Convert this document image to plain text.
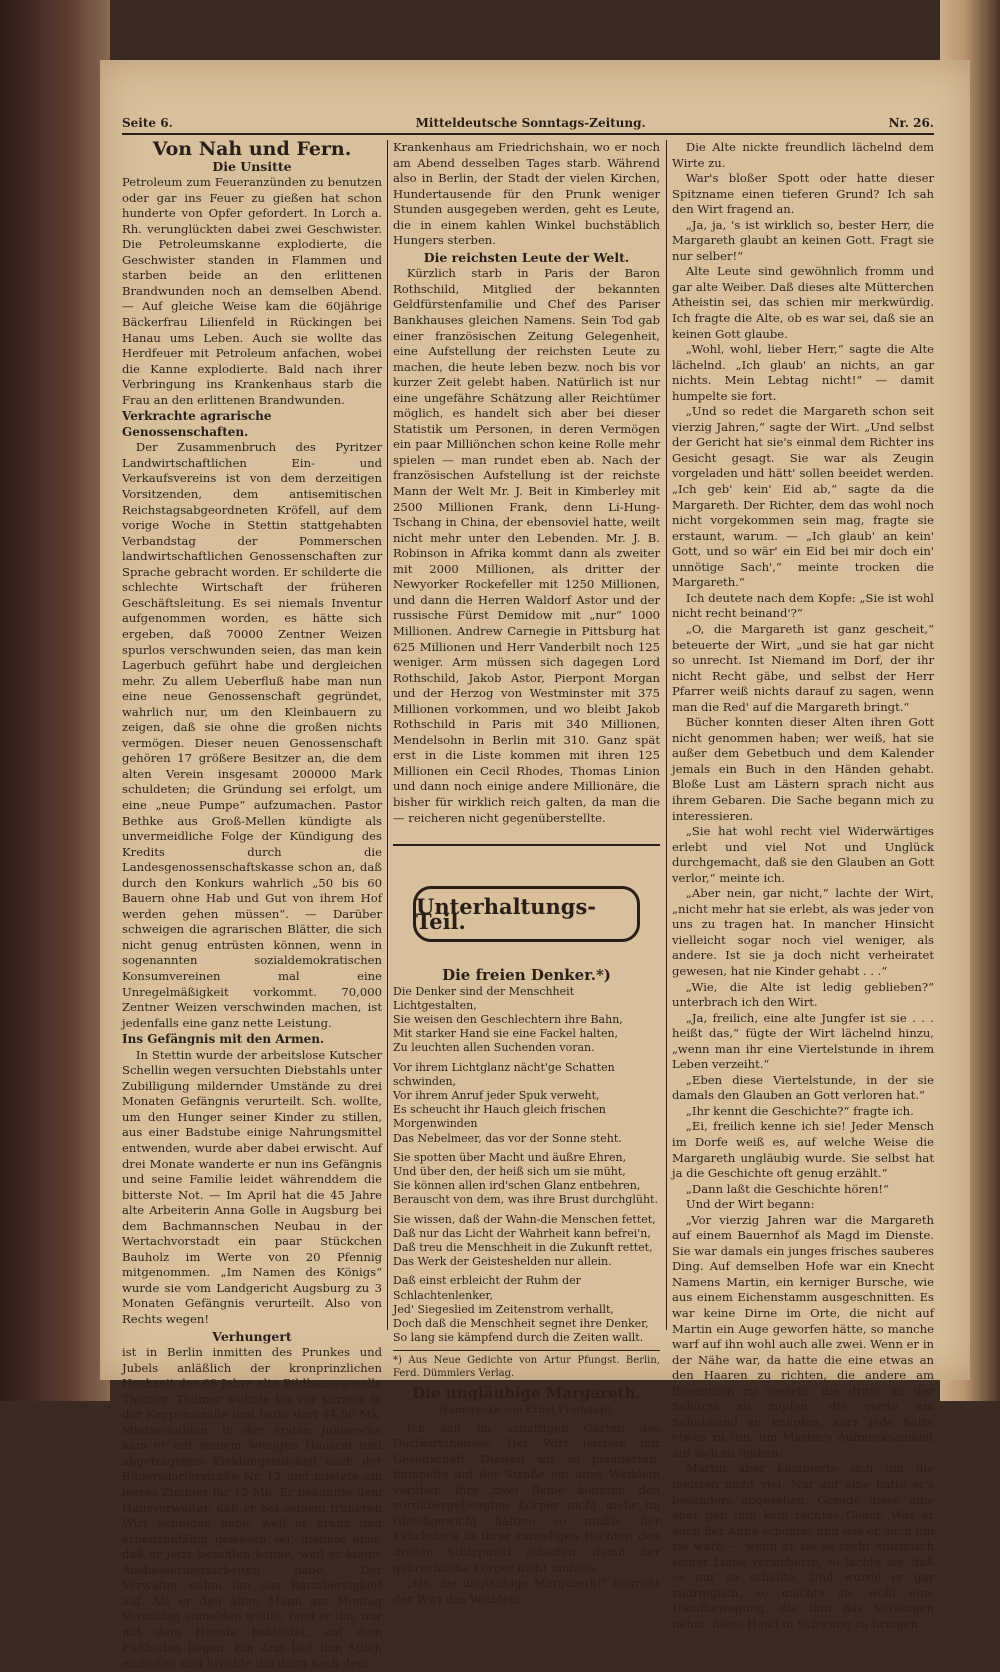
Seite 6.	Mitteldeutsche Sonntags-Zeitung.	Nr. 26.
Von Nah und Fern.
Die Unsitte

Petroleum zum Feueranzünden zu benutzen oder gar ins Feuer zu gießen hat schon hunderte von Opfer gefordert. In Lorch a. Rh. verunglückten dabei zwei Geschwister. Die Petroleumskanne explodierte, die Geschwister standen in Flammen und starben beide an den erlittenen Brandwunden noch an demselben Abend. — Auf gleiche Weise kam die 60jährige Bäckerfrau Lilienfeld in Rückingen bei Hanau ums Leben. Auch sie wollte das Herdfeuer mit Petroleum anfachen, wobei die Kanne explodierte. Bald nach ihrer Verbringung ins Krankenhaus starb die Frau an den erlittenen Brandwunden.

Verkrachte agrarische Genossenschaften.

Der Zusammenbruch des Pyritzer Landwirtschaftlichen Ein- und Verkaufsvereins ist von dem derzeitigen Vorsitzenden, dem antisemitischen Reichstagsabgeordneten Kröfell, auf dem vorige Woche in Stettin stattgehabten Verbandstag der Pommerschen landwirtschaftlichen Genossenschaften zur Sprache gebracht worden. Er schilderte die schlechte Wirtschaft der früheren Geschäftsleitung. Es sei niemals Inventur aufgenommen worden, es hätte sich ergeben, daß 70000 Zentner Weizen spurlos verschwunden seien, das man kein Lagerbuch geführt habe und dergleichen mehr. Zu allem Ueberfluß habe man nun eine neue Genossenschaft gegründet, wahrlich nur, um den Kleinbauern zu zeigen, daß sie ohne die großen nichts vermögen. Dieser neuen Genossenschaft gehören 17 größere Besitzer an, die dem alten Verein insgesamt 200000 Mark schuldeten; die Gründung sei erfolgt, um eine „neue Pumpe“ aufzumachen. Pastor Bethke aus Groß-Mellen kündigte als unvermeidliche Folge der Kündigung des Kredits durch die Landesgenossenschaftskasse schon an, daß durch den Konkurs wahrlich „50 bis 60 Bauern ohne Hab und Gut von ihrem Hof werden gehen müssen“. — Darüber schweigen die agrarischen Blätter, die sich nicht genug entrüsten können, wenn in sogenannten sozialdemokratischen Konsumvereinen mal eine Unregelmäßigkeit vorkommt. 70,000 Zentner Weizen verschwinden machen, ist jedenfalls eine ganz nette Leistung.

Ins Gefängnis mit den Armen.

In Stettin wurde der arbeitslose Kutscher Schellin wegen versuchten Diebstahls unter Zubilligung mildernder Umstände zu drei Monaten Gefängnis verurteilt. Sch. wollte, um den Hunger seiner Kinder zu stillen, aus einer Badstube einige Nahrungsmittel entwenden, wurde aber dabei erwischt. Auf drei Monate wanderte er nun ins Gefängnis und seine Familie leidet währenddem die bitterste Not. — Im April hat die 45 Jahre alte Arbeiterin Anna Golle in Augsburg bei dem Bachmannschen Neubau in der Wertachvorstadt ein paar Stückchen Bauholz im Werte von 20 Pfennig mitgenommen. „Im Namen des Königs“ wurde sie vom Landgericht Augsburg zu 3 Monaten Gefängnis verurteilt. Also von Rechts wegen!

Verhungert

ist in Berlin inmitten des Prunkes und Jubels anläßlich der kronprinzlichen Hochzeit der 68 Jahre alte Bildhauergeselle Thumer. Thumer wohnte bis vor kurzem in der Koppenstraße und hatte dort 44,50 Mk. Mietsschulden. In der ersten Juniwoche kam er mit seinem wenigen Hausrat und abgetragenen Kleidungsstücken nach der Rüdersdorferstraße Nr. 12 und mietete ein leeres Zimmer für 15 Mk. Er bekannte dem Hausverwalter, daß er bei seinem früheren Wirt Schulden habe, weil er krank und arbeitsunfähig gewesen sei, glaubte aber, daß er jetzt bezahlen könne, weil er kleine Ausbesserungsarbeiten habe. Der Verwalter nahm ihn aus Barmherzigkeit auf. Als er den alten Mann am Montag Vormittag anmelden wollte, fand er ihn, nur mit dem Hemde bekleidet, auf dem Fußboden liegen. Ein Arzt ließ ihm Milch einflößen und brachte ihn dann nach dem

Krankenhaus am Friedrichshain, wo er noch am Abend desselben Tages starb. Während also in Berlin, der Stadt der vielen Kirchen, Hundertausende für den Prunk weniger Stunden ausgegeben werden, geht es Leute, die in einem kahlen Winkel buchstäblich Hungers sterben.

Die reichsten Leute der Welt.

Kürzlich starb in Paris der Baron Rothschild, Mitglied der bekannten Geldfürstenfamilie und Chef des Pariser Bankhauses gleichen Namens. Sein Tod gab einer französischen Zeitung Gelegenheit, eine Aufstellung der reichsten Leute zu machen, die heute leben bezw. noch bis vor kurzer Zeit gelebt haben. Natürlich ist nur eine ungefähre Schätzung aller Reichtümer möglich, es handelt sich aber bei dieser Statistik um Personen, in deren Vermögen ein paar Milliönchen schon keine Rolle mehr spielen — man rundet eben ab. Nach der französischen Aufstellung ist der reichste Mann der Welt Mr. J. Beit in Kimberley mit 2500 Millionen Frank, denn Li-Hung-Tschang in China, der ebensoviel hatte, weilt nicht mehr unter den Lebenden. Mr. J. B. Robinson in Afrika kommt dann als zweiter mit 2000 Millionen, als dritter der Newyorker Rockefeller mit 1250 Millionen, und dann die Herren Waldorf Astor und der russische Fürst Demidow mit „nur“ 1000 Millionen. Andrew Carnegie in Pittsburg hat 625 Millionen und Herr Vanderbilt noch 125 weniger. Arm müssen sich dagegen Lord Rothschild, Jakob Astor, Pierpont Morgan und der Herzog von Westminster mit 375 Millionen vorkommen, und wo bleibt Jakob Rothschild in Paris mit 340 Millionen, Mendelsohn in Berlin mit 310. Ganz spät erst in die Liste kommen mit ihren 125 Millionen ein Cecil Rhodes, Thomas Linion und dann noch einige andere Millionäre, die bisher für wirklich reich galten, da man die — reicheren nicht gegenüberstellte.

Unterhaltungs-Teil.
Die freien Denker.*)

Die Denker sind der Menschheit Lichtgestalten,
Sie weisen den Geschlechtern ihre Bahn,
Mit starker Hand sie eine Fackel halten,
Zu leuchten allen Suchenden voran.

Vor ihrem Lichtglanz nächt'ge Schatten schwinden,
Vor ihrem Anruf jeder Spuk verweht,
Es scheucht ihr Hauch gleich frischen Morgenwinden
Das Nebelmeer, das vor der Sonne steht.

Sie spotten über Macht und äußre Ehren,
Und über den, der heiß sich um sie müht,
Sie können allen ird'schen Glanz entbehren,
Berauscht von dem, was ihre Brust durchglüht.

Sie wissen, daß der Wahn-die Menschen fettet,
Daß nur das Licht der Wahrheit kann befrei'n,
Daß treu die Menschheit in die Zukunft rettet,
Das Werk der Geisteshelden nur allein.

Daß einst erbleicht der Ruhm der Schlachtenlenker,
Jed' Siegeslied im Zeitenstrom verhallt,
Doch daß die Menschheit segnet ihre Denker,
So lang sie kämpfend durch die Zeiten wallt.

*) Aus Neue Gedichte von Artur Pfungst. Berlin, Ferd. Dümmlers Verlag.
Die ungläubige Margareth.
Humoreske von Ernst Freihaupt.

Ich saß im schattigen Garten des Dorfwirtshauses. Der Wirt leistete mir Gesellschaft. Dieweil wir so plauderten, humpelte auf der Straße ein altes Weiblein vorüber. Ihre zwei Beine konnten den vornübergebeugten Körper nicht mehr im Gleichgewicht halten; so mußte der Krückstock in ihrer runzeligen Rechten den dritten Stützpunkt schaffen, damit der gebrechliche Körper nicht umfalle.

„Ho, die ungläubige Margareth!“ begrüßt der Wirt das Weiblein.

Die Alte nickte freundlich lächelnd dem Wirte zu.

War's bloßer Spott oder hatte dieser Spitzname einen tieferen Grund? Ich sah den Wirt fragend an.

„Ja, ja, 's ist wirklich so, bester Herr, die Margareth glaubt an keinen Gott. Fragt sie nur selber!“

Alte Leute sind gewöhnlich fromm und gar alte Weiber. Daß dieses alte Mütterchen Atheistin sei, das schien mir merkwürdig. Ich fragte die Alte, ob es war sei, daß sie an keinen Gott glaube.

„Wohl, wohl, lieber Herr,“ sagte die Alte lächelnd. „Ich glaub' an nichts, an gar nichts. Mein Lebtag nicht!“ — damit humpelte sie fort.

„Und so redet die Margareth schon seit vierzig Jahren,“ sagte der Wirt. „Und selbst der Gericht hat sie's einmal dem Richter ins Gesicht gesagt. Sie war als Zeugin vorgeladen und hätt' sollen beeidet werden. „Ich geb' kein' Eid ab,“ sagte da die Margareth. Der Richter, dem das wohl noch nicht vorgekommen sein mag, fragte sie erstaunt, warum. — „Ich glaub' an kein' Gott, und so wär' ein Eid bei mir doch ein' unnötige Sach',“ meinte trocken die Margareth.“

Ich deutete nach dem Kopfe: „Sie ist wohl nicht recht beinand'?“

„O, die Margareth ist ganz gescheit,“ beteuerte der Wirt, „und sie hat gar nicht so unrecht. Ist Niemand im Dorf, der ihr nicht Recht gäbe, und selbst der Herr Pfarrer weiß nichts darauf zu sagen, wenn man die Red' auf die Margareth bringt.“

Bücher konnten dieser Alten ihren Gott nicht genommen haben; wer weiß, hat sie außer dem Gebetbuch und dem Kalender jemals ein Buch in den Händen gehabt. Bloße Lust am Lästern sprach nicht aus ihrem Gebaren. Die Sache begann mich zu interessieren.

„Sie hat wohl recht viel Widerwärtiges erlebt und viel Not und Unglück durchgemacht, daß sie den Glauben an Gott verlor,“ meinte ich.

„Aber nein, gar nicht,“ lachte der Wirt, „nicht mehr hat sie erlebt, als was jeder von uns zu tragen hat. In mancher Hinsicht vielleicht sogar noch viel weniger, als andere. Ist sie ja doch nicht verheiratet gewesen, hat nie Kinder gehabt . . .“

„Wie, die Alte ist ledig geblieben?“ unterbrach ich den Wirt.

„Ja, freilich, eine alte Jungfer ist sie . . . heißt das,“ fügte der Wirt lächelnd hinzu, „wenn man ihr eine Viertelstunde in ihrem Leben verzeiht.“

„Eben diese Viertelstunde, in der sie damals den Glauben an Gott verloren hat.“

„Ihr kennt die Geschichte?“ fragte ich.

„Ei, freilich kenne ich sie! Jeder Mensch im Dorfe weiß es, auf welche Weise die Margareth ungläubig wurde. Sie selbst hat ja die Geschichte oft genug erzählt.“

„Dann laßt die Geschichte hören!“

Und der Wirt begann:

„Vor vierzig Jahren war die Margareth auf einem Bauernhof als Magd im Dienste. Sie war damals ein junges frisches sauberes Ding. Auf demselben Hofe war ein Knecht Namens Martin, ein kerniger Bursche, wie aus einem Eichenstamm ausgeschnitten. Es war keine Dirne im Orte, die nicht auf Martin ein Auge geworfen hätte, so manche warf auf ihn wohl auch alle zwei. Wenn er in der Nähe war, da hatte die eine etwas an den Haaren zu richten, die andere am Busentuch zu nesteln, die dritte an der Schürze zu zupfen, die vierte am Schuhband zu knüpfen, kurz jede hatte etwas zu tun, um Martin's Aufmerksamkeit auf sich zu lenken.

Martin aber kümmerte sich um die meisten nicht viel. Nur auf eine hatte er's besonders abgesehen. Gerade diese eine aber gab ihm kein rechtes Gehör. Was er auch der Anna schöntat und wie er auch um sie warb — wenn er sie so recht stürmisch seiner Liebe versicherte, so lachte sie, daß es nur so schallte. Und wurde er gar zudringlich, so machte sie wohl eine Handbewegung, die ihm das Verlangen nahm, diese Hand in Schwung zu bringen.
